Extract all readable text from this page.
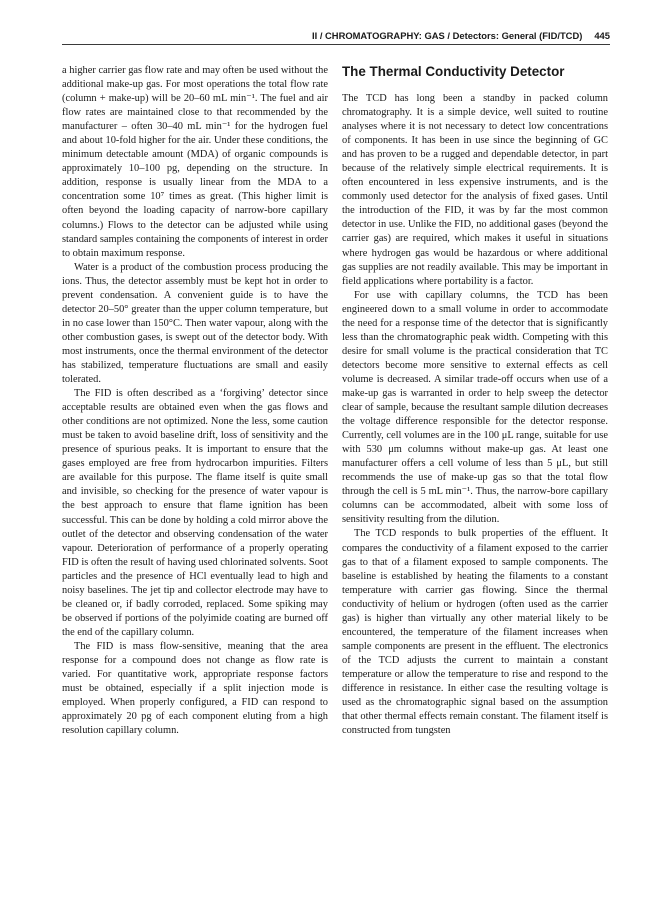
II / CHROMATOGRAPHY: GAS / Detectors: General (FID/TCD) 445

a higher carrier gas flow rate and may often be used without the additional make-up gas. For most operations the total flow rate (column + make-up) will be 20–60 mL min⁻¹. The fuel and air flow rates are maintained close to that recommended by the manufacturer – often 30–40 mL min⁻¹ for the hydrogen fuel and about 10-fold higher for the air. Under these conditions, the minimum detectable amount (MDA) of organic compounds is approximately 10–100 pg, depending on the structure. In addition, response is usually linear from the MDA to a concentration some 10⁷ times as great. (This higher limit is often beyond the loading capacity of narrow-bore capillary columns.) Flows to the detector can be adjusted while using standard samples containing the components of interest in order to obtain maximum response.

Water is a product of the combustion process producing the ions. Thus, the detector assembly must be kept hot in order to prevent condensation. A convenient guide is to have the detector 20–50° greater than the upper column temperature, but in no case lower than 150°C. Then water vapour, along with the other combustion gases, is swept out of the detector body. With most instruments, once the thermal environment of the detector has stabilized, temperature fluctuations are small and easily tolerated.

The FID is often described as a ‘forgiving’ detector since acceptable results are obtained even when the gas flows and other conditions are not optimized. None the less, some caution must be taken to avoid baseline drift, loss of sensitivity and the presence of spurious peaks. It is important to ensure that the gases employed are free from hydrocarbon impurities. Filters are available for this purpose. The flame itself is quite small and invisible, so checking for the presence of water vapour is the best approach to ensure that flame ignition has been successful. This can be done by holding a cold mirror above the outlet of the detector and observing condensation of the water vapour. Deterioration of performance of a properly operating FID is often the result of having used chlorinated solvents. Soot particles and the presence of HCl eventually lead to high and noisy baselines. The jet tip and collector electrode may have to be cleaned or, if badly corroded, replaced. Some spiking may be observed if portions of the polyimide coating are burned off the end of the capillary column.

The FID is mass flow-sensitive, meaning that the area response for a compound does not change as flow rate is varied. For quantitative work, appropriate response factors must be obtained, especially if a split injection mode is employed. When properly configured, a FID can respond to approximately 20 pg of each component eluting from a high resolution capillary column.

The Thermal Conductivity Detector

The TCD has long been a standby in packed column chromatography. It is a simple device, well suited to routine analyses where it is not necessary to detect low concentrations of components. It has been in use since the beginning of GC and has proven to be a rugged and dependable detector, in part because of the relatively simple electrical requirements. It is often encountered in less expensive instruments, and is the commonly used detector for the analysis of fixed gases. Until the introduction of the FID, it was by far the most common detector in use. Unlike the FID, no additional gases (beyond the carrier gas) are required, which makes it useful in situations where hydrogen gas would be hazardous or where additional gas supplies are not readily available. This may be important in field applications where portability is a factor.

For use with capillary columns, the TCD has been engineered down to a small volume in order to accommodate the need for a response time of the detector that is significantly less than the chromatographic peak width. Competing with this desire for small volume is the practical consideration that TC detectors become more sensitive to external effects as cell volume is decreased. A similar trade-off occurs when use of a make-up gas is warranted in order to help sweep the detector clear of sample, because the resultant sample dilution decreases the voltage difference responsible for the detector response. Currently, cell volumes are in the 100 μL range, suitable for use with 530 μm columns without make-up gas. At least one manufacturer offers a cell volume of less than 5 μL, but still recommends the use of make-up gas so that the total flow through the cell is 5 mL min⁻¹. Thus, the narrow-bore capillary columns can be accommodated, albeit with some loss of sensitivity resulting from the dilution.

The TCD responds to bulk properties of the effluent. It compares the conductivity of a filament exposed to the carrier gas to that of a filament exposed to sample components. The baseline is established by heating the filaments to a constant temperature with carrier gas flowing. Since the thermal conductivity of helium or hydrogen (often used as the carrier gas) is higher than virtually any other material likely to be encountered, the temperature of the filament increases when sample components are present in the effluent. The electronics of the TCD adjusts the current to maintain a constant temperature or allow the temperature to rise and respond to the difference in resistance. In either case the resulting voltage is used as the chromatographic signal based on the assumption that other thermal effects remain constant. The filament itself is constructed from tungsten
